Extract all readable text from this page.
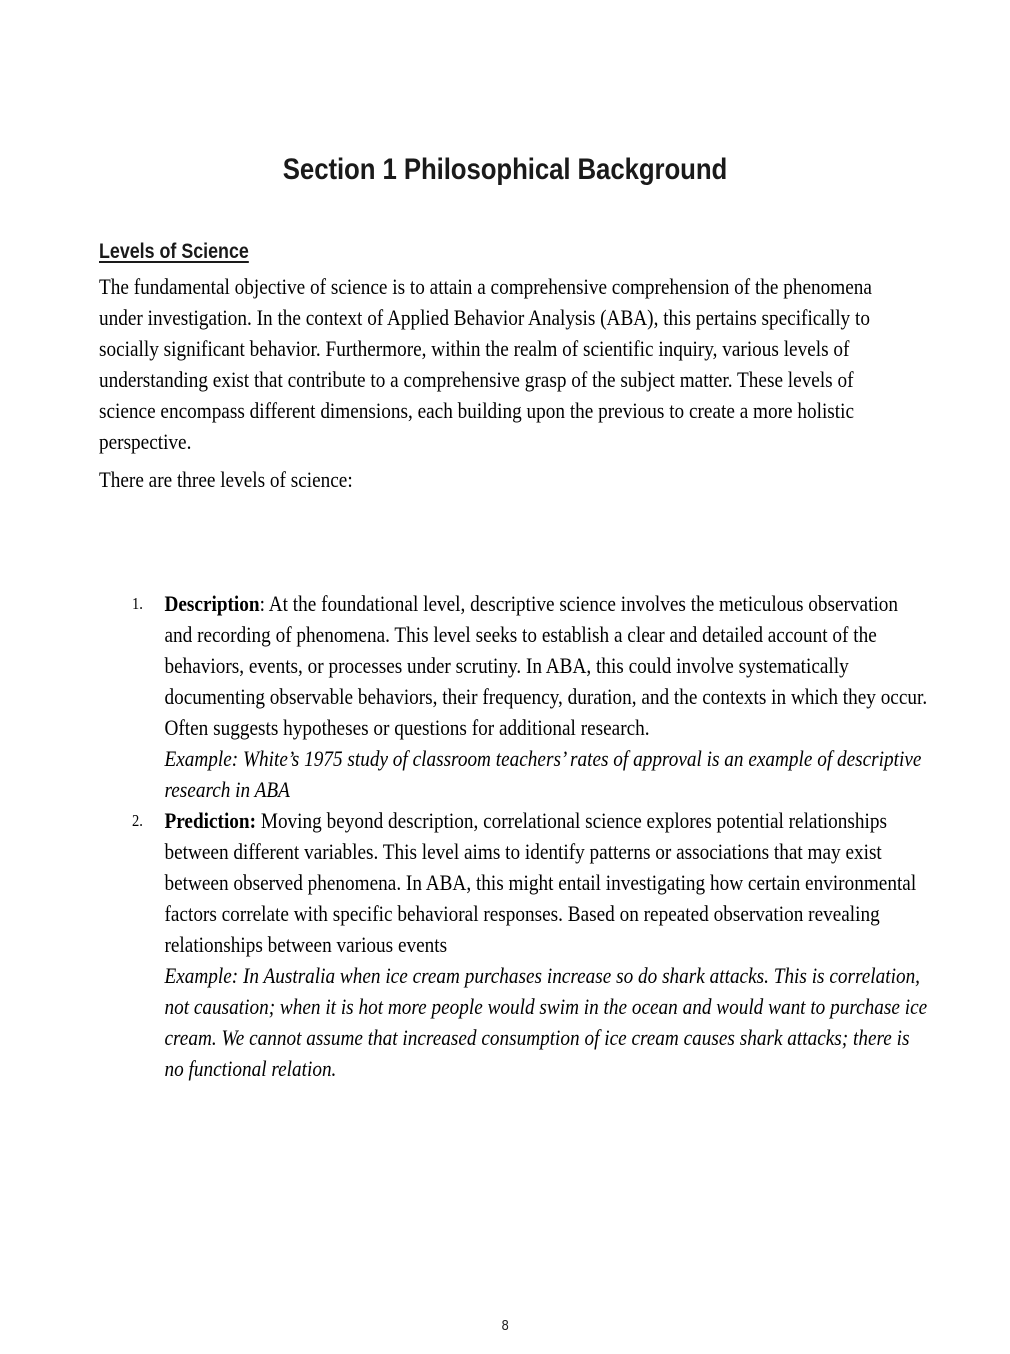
Section 1 Philosophical Background
Levels of Science

The fundamental objective of science is to attain a comprehensive comprehension of the phenomena under investigation. In the context of Applied Behavior Analysis (ABA), this pertains specifically to socially significant behavior. Furthermore, within the realm of scientific inquiry, various levels of understanding exist that contribute to a comprehensive grasp of the subject matter. These levels of science encompass different dimensions, each building upon the previous to create a more holistic perspective.

There are three levels of science:

1. Description: At the foundational level, descriptive science involves the meticulous observation and recording of phenomena. This level seeks to establish a clear and detailed account of the behaviors, events, or processes under scrutiny. In ABA, this could involve systematically documenting observable behaviors, their frequency, duration, and the contexts in which they occur. Often suggests hypotheses or questions for additional research.
Example: White’s 1975 study of classroom teachers’ rates of approval is an example of descriptive research in ABA
2. Prediction: Moving beyond description, correlational science explores potential relationships between different variables. This level aims to identify patterns or associations that may exist between observed phenomena. In ABA, this might entail investigating how certain environmental factors correlate with specific behavioral responses. Based on repeated observation revealing relationships between various events
Example: In Australia when ice cream purchases increase so do shark attacks. This is correlation, not causation; when it is hot more people would swim in the ocean and would want to purchase ice cream. We cannot assume that increased consumption of ice cream causes shark attacks; there is no functional relation.
8
